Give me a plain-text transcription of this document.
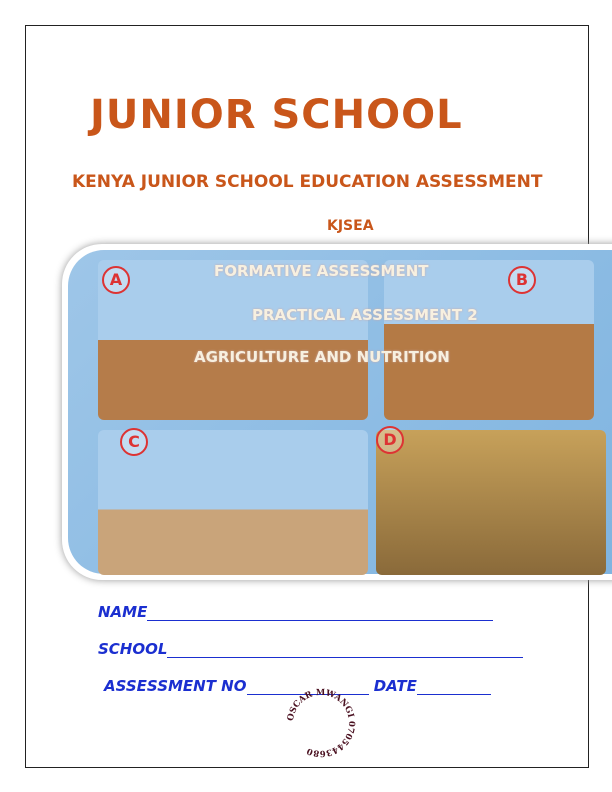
JUNIOR SCHOOL
KENYA JUNIOR SCHOOL EDUCATION ASSESSMENT
KJSEA
A	B
C	D
FORMATIVE ASSESSMENT
PRACTICAL ASSESSMENT 2
AGRICULTURE AND NUTRITION
NAME
SCHOOL
ASSESSMENT NO	DATE
OSCAR MWANGI 0705443680
